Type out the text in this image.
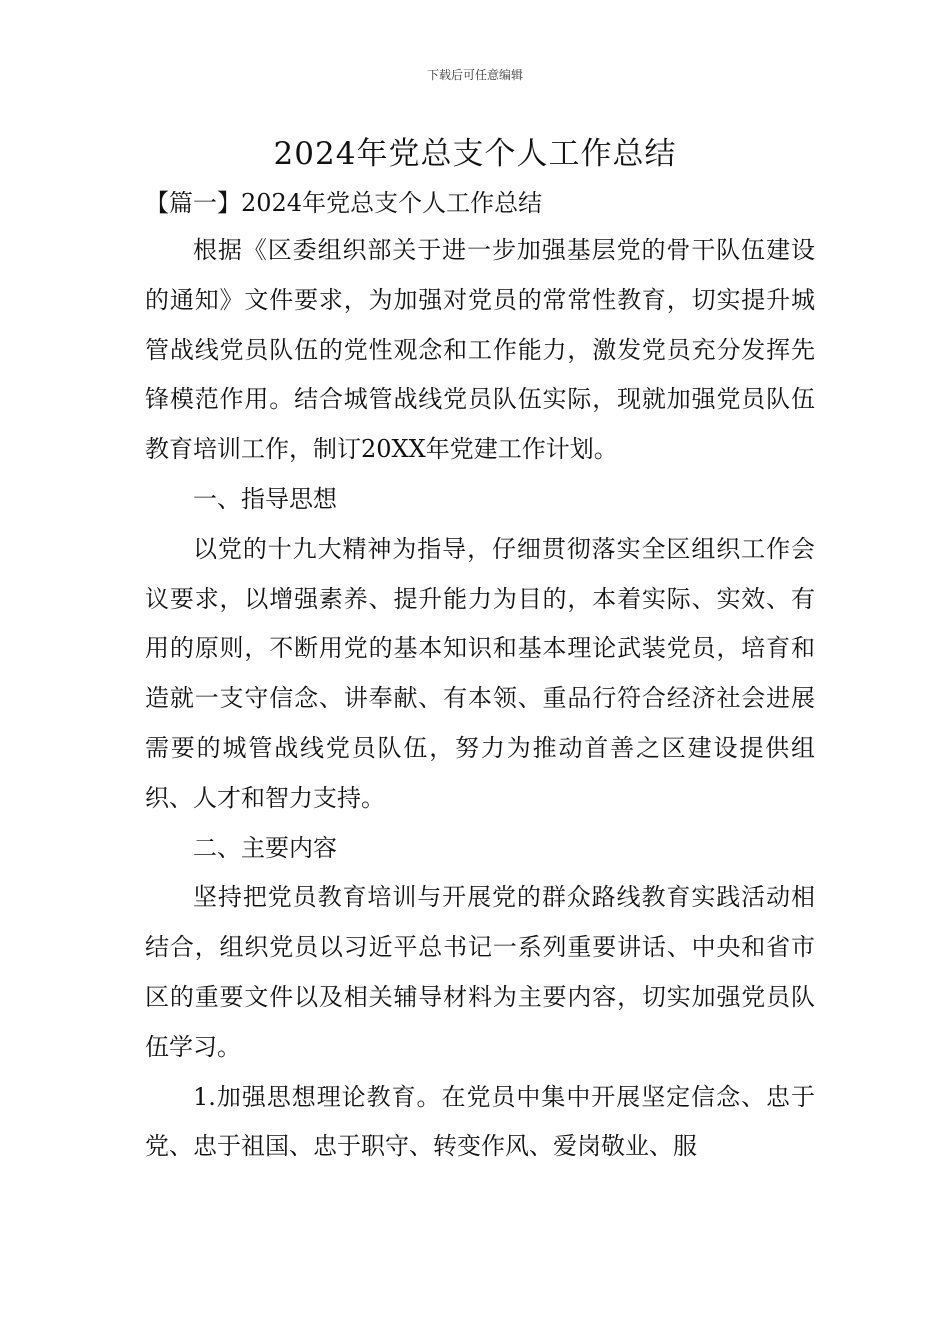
下载后可任意编辑
2024年党总支个人工作总结
【篇一】2024年党总支个人工作总结

根据《区委组织部关于进一步加强基层党的骨干队伍建设的通知》文件要求，为加强对党员的常常性教育，切实提升城管战线党员队伍的党性观念和工作能力，激发党员充分发挥先锋模范作用。结合城管战线党员队伍实际，现就加强党员队伍教育培训工作，制订20XX年党建工作计划。

一、指导思想

以党的十九大精神为指导，仔细贯彻落实全区组织工作会议要求，以增强素养、提升能力为目的，本着实际、实效、有用的原则，不断用党的基本知识和基本理论武装党员，培育和造就一支守信念、讲奉献、有本领、重品行符合经济社会进展需要的城管战线党员队伍，努力为推动首善之区建设提供组织、人才和智力支持。

二、主要内容

坚持把党员教育培训与开展党的群众路线教育实践活动相结合，组织党员以习近平总书记一系列重要讲话、中央和省市区的重要文件以及相关辅导材料为主要内容，切实加强党员队伍学习。

1.加强思想理论教育。在党员中集中开展坚定信念、忠于党、忠于祖国、忠于职守、转变作风、爱岗敬业、服
